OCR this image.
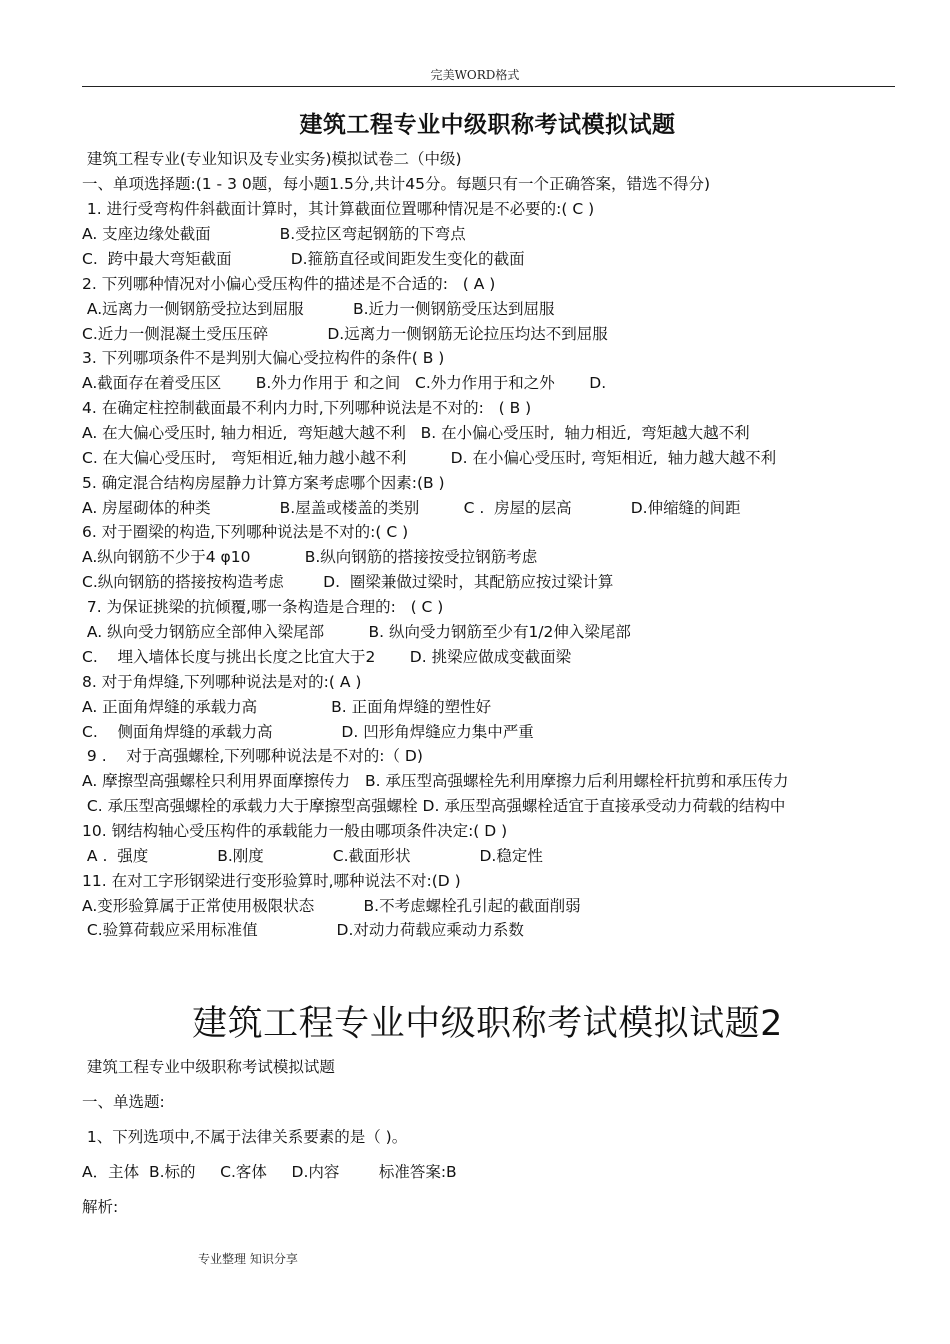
完美WORD格式
建筑工程专业中级职称考试模拟试题
建筑工程专业(专业知识及专业实务)模拟试卷二（中级)
一、单项选择题:(1 - 3 0题，每小题1.5分,共计45分。每题只有一个正确答案，错选不得分)
1. 进行受弯构件斜截面计算时，其计算截面位置哪种情况是不必要的:( C )
A. 支座边缘处截面              B.受拉区弯起钢筋的下弯点
C.  跨中最大弯矩截面            D.箍筋直径或间距发生变化的截面
2. 下列哪种情况对小偏心受压构件的描述是不合适的:   ( A )
A.远离力一侧钢筋受拉达到屈服          B.近力一侧钢筋受压达到屈服
C.近力一侧混凝土受压压碎            D.远离力一侧钢筋无论拉压均达不到屈服
3. 下列哪项条件不是判别大偏心受拉构件的条件( B )
A.截面存在着受压区       B.外力作用于 和之间   C.外力作用于和之外       D.
4. 在确定柱控制截面最不利内力时,下列哪种说法是不对的:   ( B )
A. 在大偏心受压时, 轴力相近,  弯矩越大越不利   B. 在小偏心受压时,  轴力相近,  弯矩越大越不利
C. 在大偏心受压时,   弯矩相近,轴力越小越不利         D. 在小偏心受压时, 弯矩相近,  轴力越大越不利
5. 确定混合结构房屋静力计算方案考虑哪个因素:(B )
A. 房屋砌体的种类              B.屋盖或楼盖的类别         C .  房屋的层高            D.伸缩缝的间距
6. 对于圈梁的构造,下列哪种说法是不对的:( C )
A.纵向钢筋不少于4 φ10           B.纵向钢筋的搭接按受拉钢筋考虑
C.纵向钢筋的搭接按构造考虑        D.  圈梁兼做过梁时，其配筋应按过梁计算
7. 为保证挑梁的抗倾覆,哪一条构造是合理的:   ( C )
A. 纵向受力钢筋应全部伸入梁尾部         B. 纵向受力钢筋至少有1/2伸入梁尾部
C.    埋入墙体长度与挑出长度之比宜大于2       D. 挑梁应做成变截面梁
8. 对于角焊缝,下列哪种说法是对的:( A )
A. 正面角焊缝的承载力高               B. 正面角焊缝的塑性好
C.    侧面角焊缝的承载力高              D. 凹形角焊缝应力集中严重
9 .    对于高强螺栓,下列哪种说法是不对的:（ D)
A. 摩擦型高强螺栓只利用界面摩擦传力   B. 承压型高强螺栓先利用摩擦力后利用螺栓杆抗剪和承压传力
C. 承压型高强螺栓的承载力大于摩擦型高强螺栓 D. 承压型高强螺栓适宜于直接承受动力荷载的结构中
10. 钢结构轴心受压构件的承载能力一般由哪项条件决定:( D )
A .  强度              B.刚度              C.截面形状              D.稳定性
11. 在对工字形钢梁进行变形验算时,哪种说法不对:(D )
A.变形验算属于正常使用极限状态          B.不考虑螺栓孔引起的截面削弱
C.验算荷载应采用标准值                D.对动力荷载应乘动力系数
建筑工程专业中级职称考试模拟试题2
建筑工程专业中级职称考试模拟试题
一、单选题:
1、下列选项中,不属于法律关系要素的是（ )。
A．主体  B.标的     C.客体     D.内容        标准答案:B
解析:
专业整理 知识分享
